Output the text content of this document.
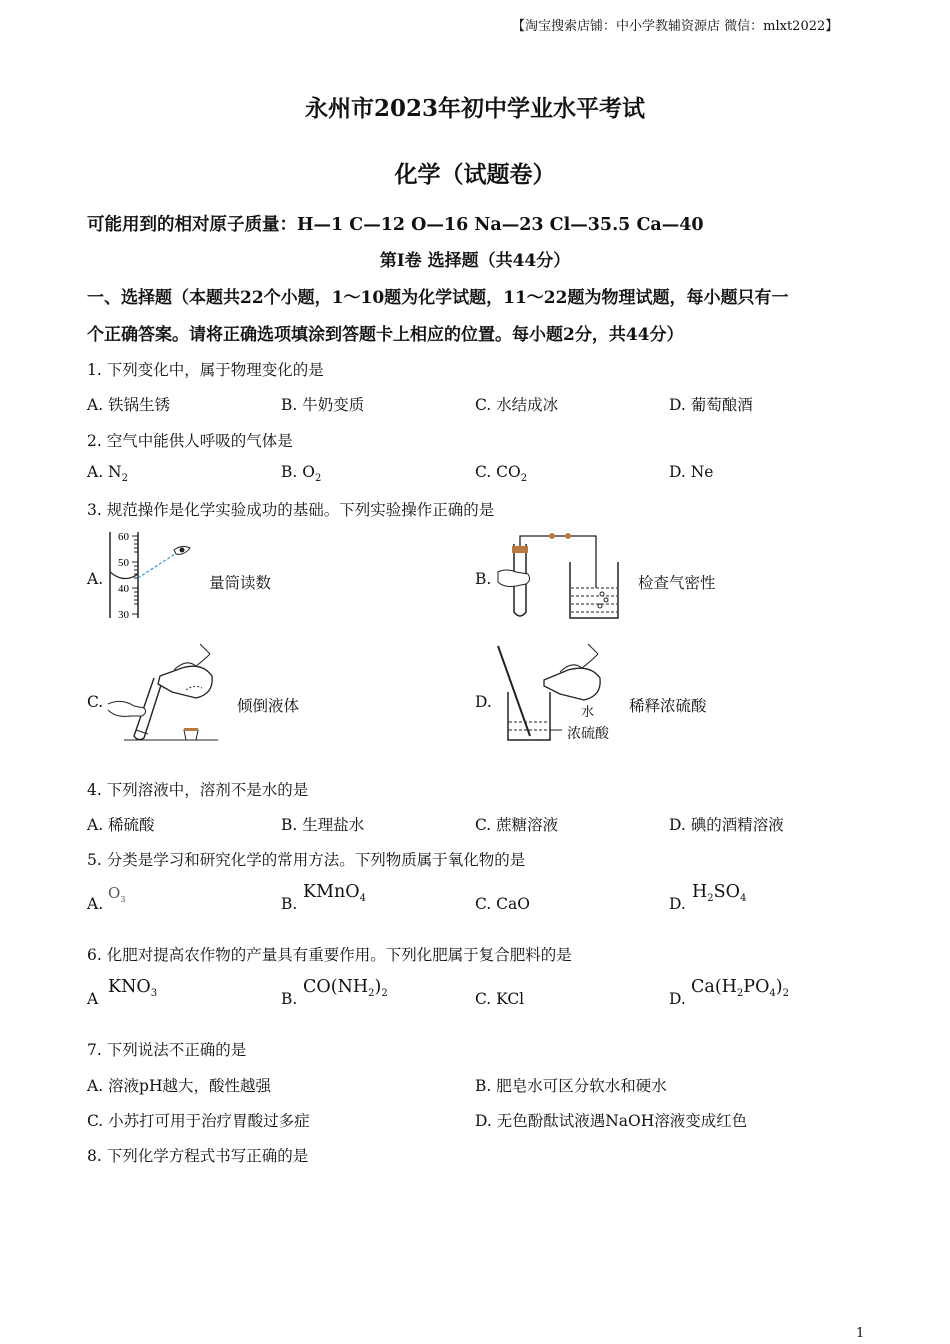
【淘宝搜索店铺：中小学教辅资源店 微信：mlxt2022】
永州市2023年初中学业水平考试
化学（试题卷）
可能用到的相对原子质量：H—1 C—12 O—16 Na—23 Cl—35.5 Ca—40
第Ⅰ卷 选择题（共44分）
一、选择题（本题共22个小题，1～10题为化学试题，11～22题为物理试题，每小题只有一
个正确答案。请将正确选项填涂到答题卡上相应的位置。每小题2分，共44分）
1. 下列变化中，属于物理变化的是
A. 铁锅生锈	B. 牛奶变质	C. 水结成冰	D. 葡萄酿酒
2. 空气中能供人呼吸的气体是
A. $N_2$	B. $O_2$	C. $CO_2$	D. Ne
3. 规范操作是化学实验成功的基础。下列实验操作正确的是
A.
60
50
40
30
量筒读数	B.	检查气密性
C.	倾倒液体	D.
水
浓硫酸
稀释浓硫酸
4. 下列溶液中，溶剂不是水的是
A. 稀硫酸	B. 生理盐水	C. 蔗糖溶液	D. 碘的酒精溶液
5. 分类是学习和研究化学的常用方法。下列物质属于氧化物的是
A.
$O_3$	B.
KMnO$_4$	C. CaO	D.
$H_2SO_4$
6. 化肥对提高农作物的产量具有重要作用。下列化肥属于复合肥料的是
A
$KNO_3$	B.
$CO(NH_2)_2$	C. KCl	D.
$Ca(H_2PO_4)_2$
7. 下列说法不正确的是
A. 溶液pH越大，酸性越强	B. 肥皂水可区分软水和硬水
C. 小苏打可用于治疗胃酸过多症	D. 无色酚酞试液遇NaOH溶液变成红色
8. 下列化学方程式书写正确的是
1
